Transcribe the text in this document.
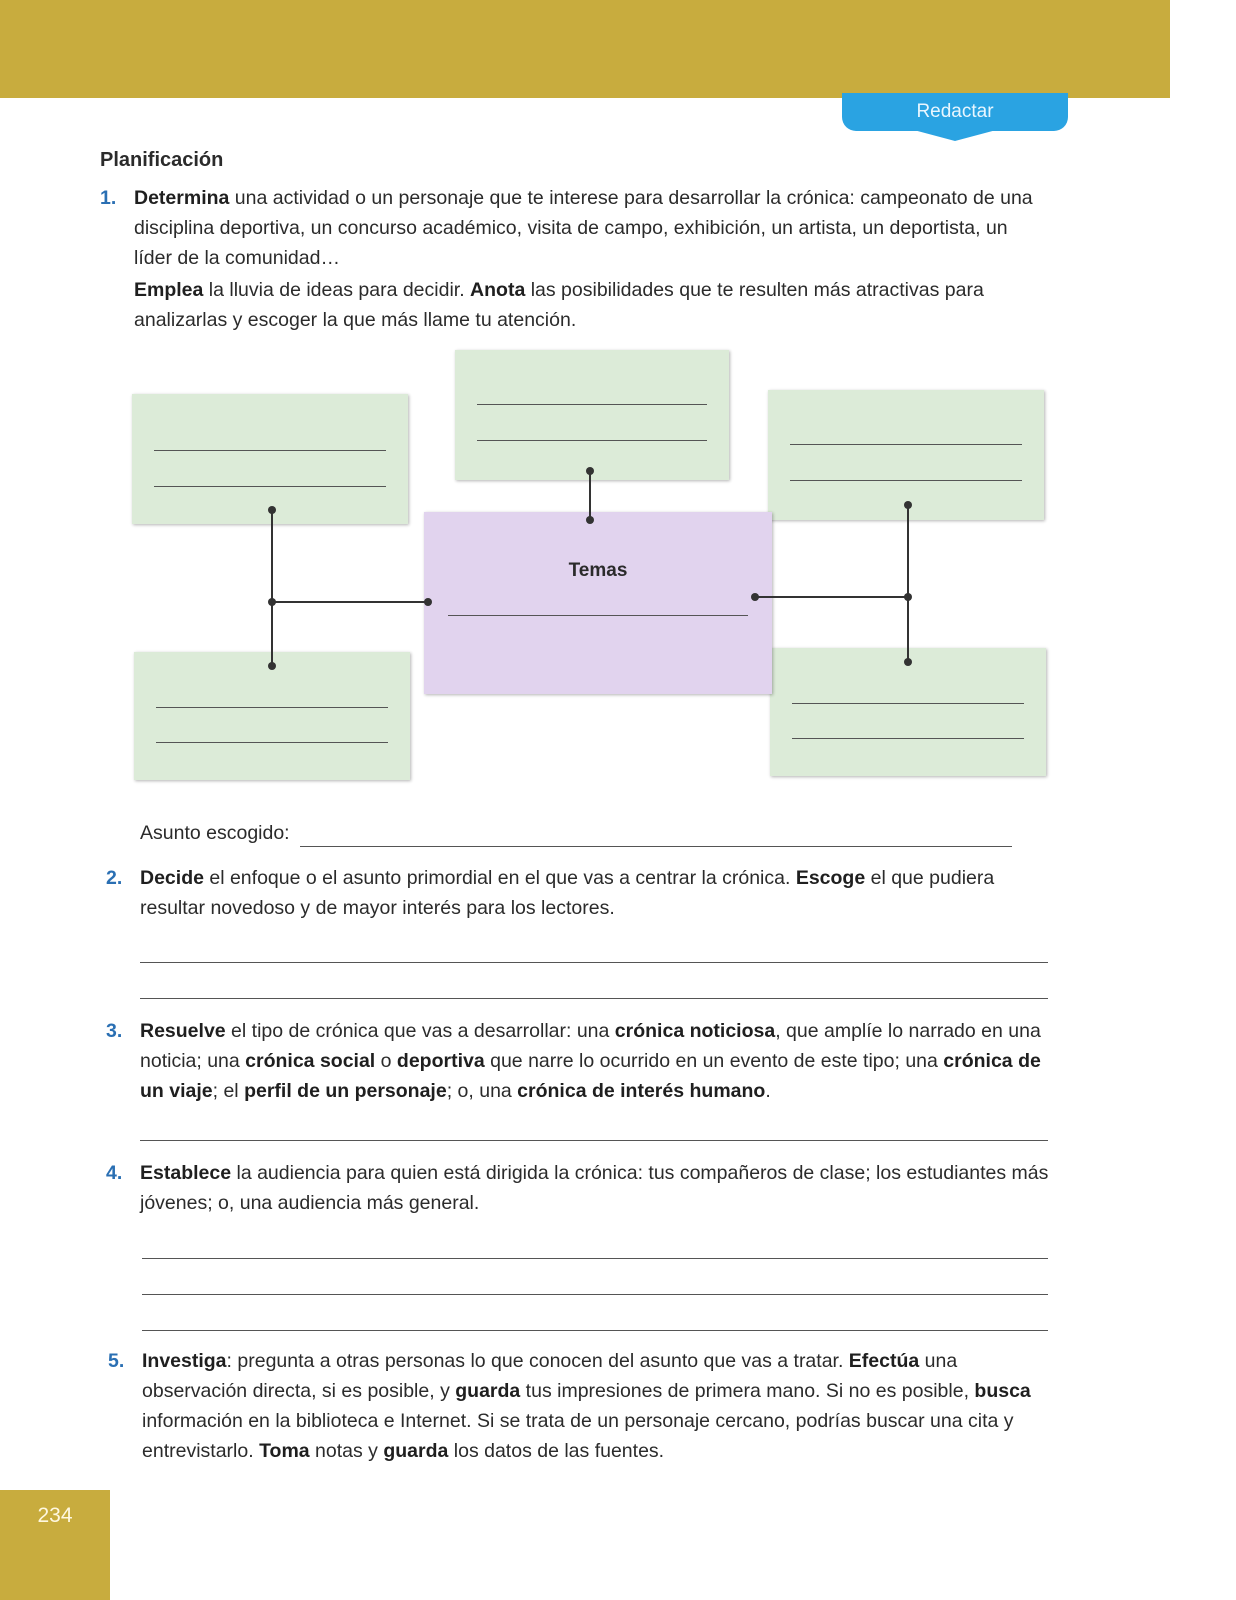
Redactar
Planificación
1. Determina una actividad o un personaje que te interese para desarrollar la crónica: campeonato de una disciplina deportiva, un concurso académico, visita de campo, exhibición, un artista, un deportista, un líder de la comunidad…

Emplea la lluvia de ideas para decidir. Anota las posibilidades que te resulten más atractivas para analizarlas y escoger la que más llame tu atención.

Temas
Asunto escogido:
2. Decide el enfoque o el asunto primordial en el que vas a centrar la crónica. Escoge el que pudiera resultar novedoso y de mayor interés para los lectores.

3. Resuelve el tipo de crónica que vas a desarrollar: una crónica noticiosa, que amplíe lo narrado en una noticia; una crónica social o deportiva que narre lo ocurrido en un evento de este tipo; una crónica de un viaje; el perfil de un personaje; o, una crónica de interés humano.

4. Establece la audiencia para quien está dirigida la crónica: tus compañeros de clase; los estudiantes más jóvenes; o, una audiencia más general.

5. Investiga: pregunta a otras personas lo que conocen del asunto que vas a tratar. Efectúa una observación directa, si es posible, y guarda tus impresiones de primera mano. Si no es posible, busca información en la biblioteca e Internet. Si se trata de un personaje cercano, podrías buscar una cita y entrevistarlo. Toma notas y guarda los datos de las fuentes.

234
